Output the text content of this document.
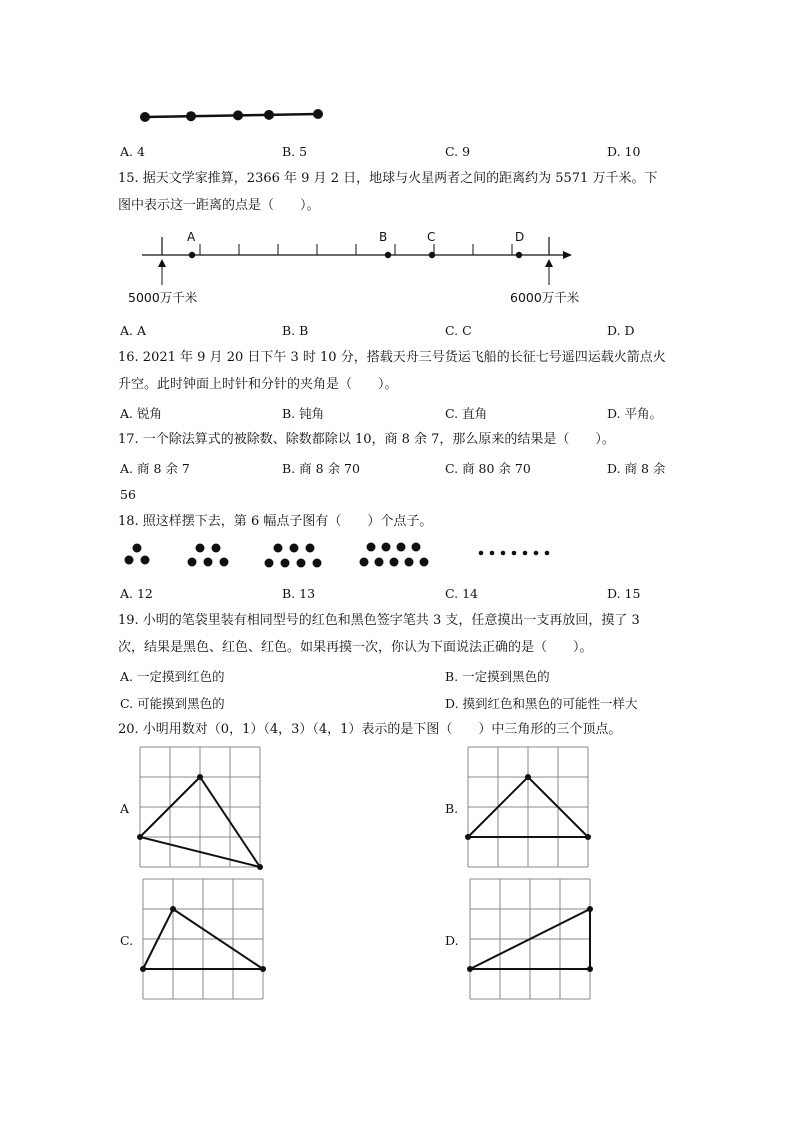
A. 4	B. 5	C. 9	D. 10
15. 据天文学家推算，2366 年 9 月 2 日，地球与火星两者之间的距离约为 5571 万千米。下
图中表示这一距离的点是（　　）。
A	B	C	D
5000万千米	6000万千米
A. A	B. B	C. C	D. D
16. 2021 年 9 月 20 日下午 3 时 10 分，搭载天舟三号货运飞船的长征七号遥四运载火箭点火
升空。此时钟面上时针和分针的夹角是（　　）。
A. 锐角	B. 钝角	C. 直角	D. 平角。
17. 一个除法算式的被除数、除数都除以 10，商 8 余 7，那么原来的结果是（　　）。
A. 商 8 余 7	B. 商 8 余 70	C. 商 80 余 70	D. 商 8 余
56
18. 照这样摆下去，第 6 幅点子图有（　　）个点子。
A. 12	B. 13	C. 14	D. 15
19. 小明的笔袋里装有相同型号的红色和黑色签字笔共 3 支，任意摸出一支再放回，摸了 3
次，结果是黑色、红色、红色。如果再摸一次，你认为下面说法正确的是（　　）。
A. 一定摸到红色的	B. 一定摸到黑色的
C. 可能摸到黑色的	D. 摸到红色和黑色的可能性一样大
20. 小明用数对（0，1）（4，3）（4，1）表示的是下图（　　）中三角形的三个顶点。
A	B.
C.	D.
